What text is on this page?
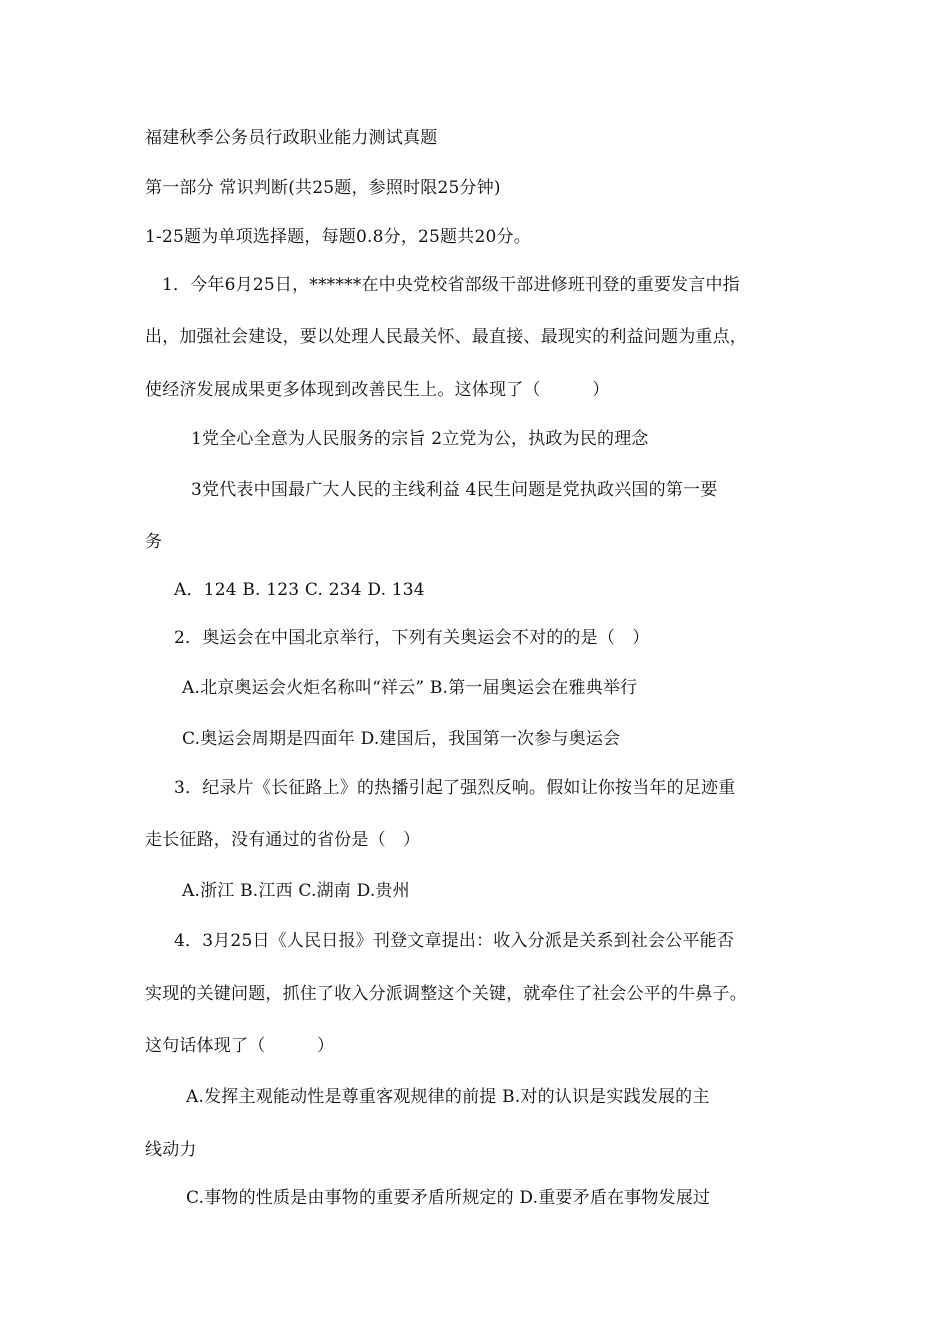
福建秋季公务员行政职业能力测试真题
第一部分 常识判断(共25题，参照时限25分钟)
1-25题为单项选择题，每题0.8分，25题共20分。
1．今年6月25日，******在中央党校省部级干部进修班刊登的重要发言中指
出，加强社会建设，要以处理人民最关怀、最直接、最现实的利益问题为重点，
使经济发展成果更多体现到改善民生上。这体现了（　　　）
1党全心全意为人民服务的宗旨 2立党为公，执政为民的理念
3党代表中国最广大人民的主线利益 4民生问题是党执政兴国的第一要
务
A．124 B. 123 C. 234 D. 134
2．奥运会在中国北京举行，下列有关奥运会不对的的是（　）
A.北京奥运会火炬名称叫“祥云” B.第一届奥运会在雅典举行
C.奥运会周期是四面年 D.建国后，我国第一次参与奥运会
3．纪录片《长征路上》的热播引起了强烈反响。假如让你按当年的足迹重
走长征路，没有通过的省份是（　）
A.浙江 B.江西 C.湖南 D.贵州
4．3月25日《人民日报》刊登文章提出：收入分派是关系到社会公平能否
实现的关键问题，抓住了收入分派调整这个关键，就牵住了社会公平的牛鼻子。
这句话体现了（　　　）
A.发挥主观能动性是尊重客观规律的前提 B.对的认识是实践发展的主
线动力
C.事物的性质是由事物的重要矛盾所规定的 D.重要矛盾在事物发展过
